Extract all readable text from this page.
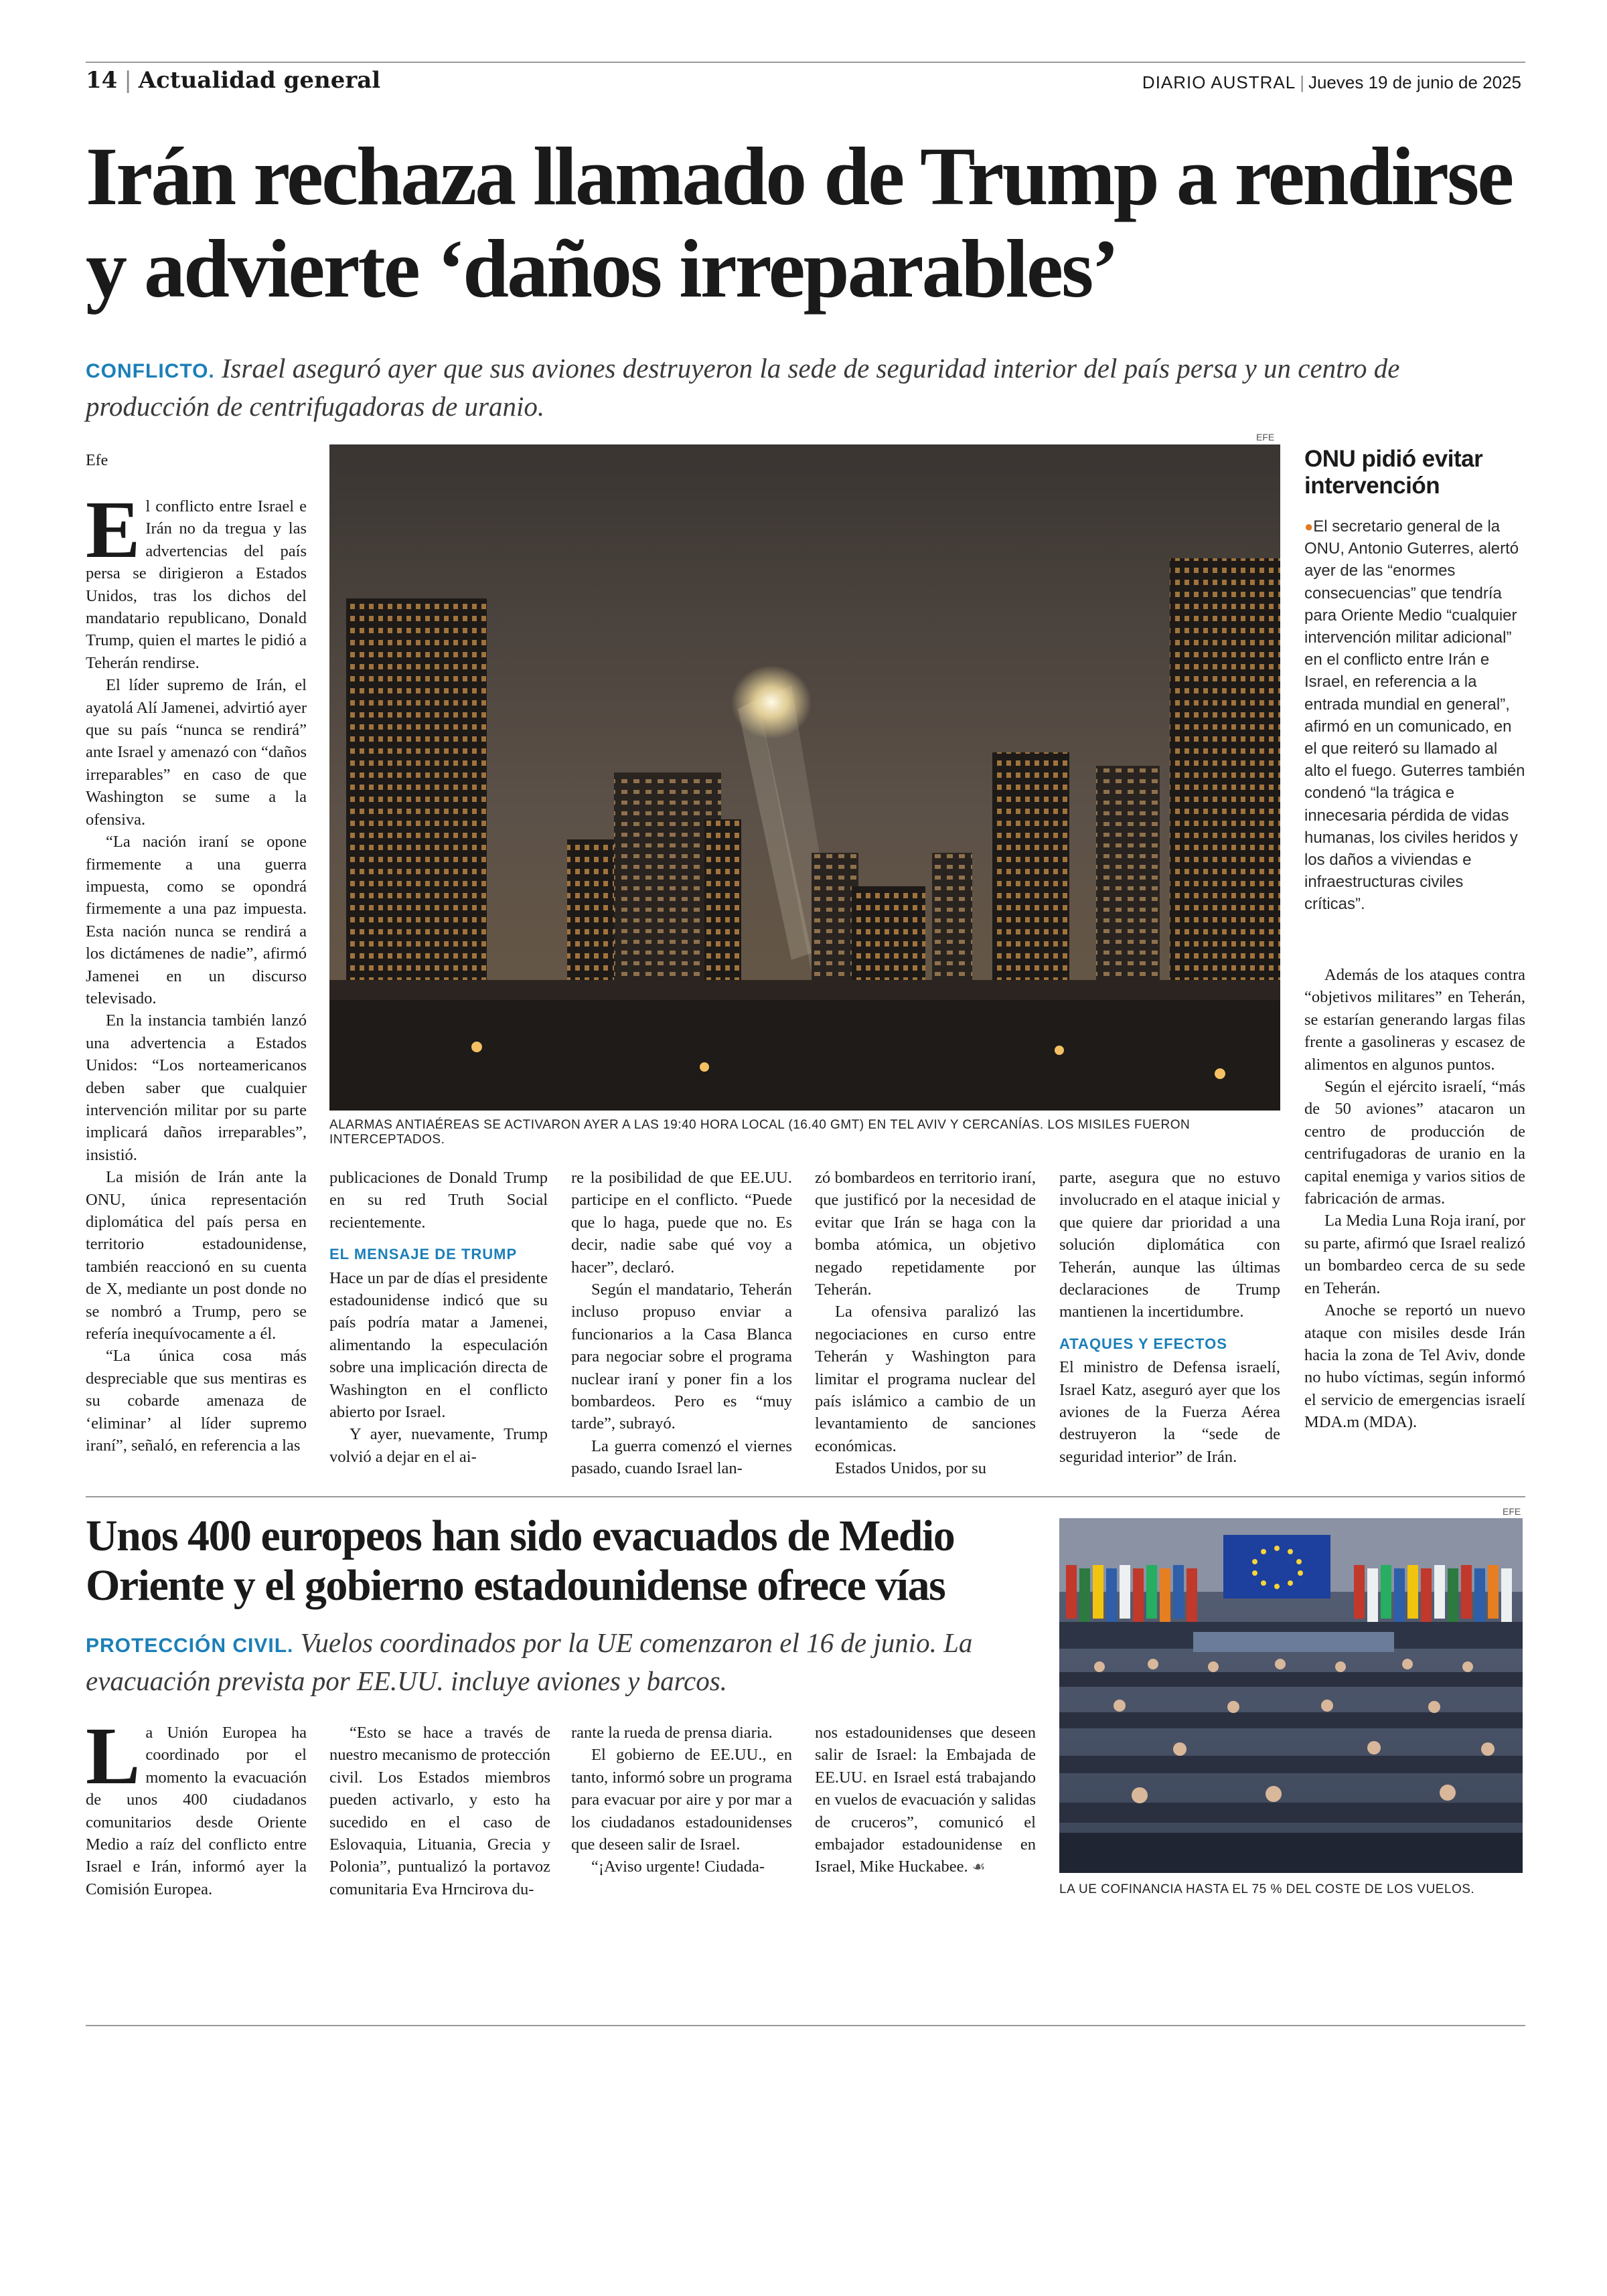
14 | Actualidad general	DIARIO AUSTRAL | Jueves 19 de junio de 2025
Irán rechaza llamado de Trump a rendirse y advierte ‘daños irreparables’
CONFLICTO. Israel aseguró ayer que sus aviones destruyeron la sede de seguridad interior del país persa y un centro de producción de centrifugadoras de uranio.
Efe
EFE
ALARMAS ANTIAÉREAS SE ACTIVARON AYER A LAS 19:40 HORA LOCAL (16.40 GMT) EN TEL AVIV Y CERCANÍAS. LOS MISILES FUERON INTERCEPTADOS.

El conflicto entre Israel e Irán no da tregua y las advertencias del país persa se dirigieron a Estados Unidos, tras los dichos del mandatario republicano, Donald Trump, quien el martes le pidió a Teherán rendirse.

El líder supremo de Irán, el ayatolá Alí Jamenei, advirtió ayer que su país “nunca se rendirá” ante Israel y amenazó con “daños irreparables” en caso de que Washington se sume a la ofensiva.

“La nación iraní se opone firmemente a una guerra impuesta, como se opondrá firmemente a una paz impuesta. Esta nación nunca se rendirá a los dictámenes de nadie”, afirmó Jamenei en un discurso televisado.

En la instancia también lanzó una advertencia a Estados Unidos: “Los norteamericanos deben saber que cualquier intervención militar por su parte implicará daños irreparables”, insistió.

La misión de Irán ante la ONU, única representación diplomática del país persa en territorio estadounidense, también reaccionó en su cuenta de X, mediante un post donde no se nombró a Trump, pero se refería inequívocamente a él.

“La única cosa más despreciable que sus mentiras es su cobarde amenaza de ‘eliminar’ al líder supremo iraní”, señaló, en referencia a las

publicaciones de Donald Trump en su red Truth Social recientemente.

EL MENSAJE DE TRUMP

Hace un par de días el presidente estadounidense indicó que su país podría matar a Jamenei, alimentando la especulación sobre una implicación directa de Washington en el conflicto abierto por Israel.

Y ayer, nuevamente, Trump volvió a dejar en el ai-

re la posibilidad de que EE.UU. participe en el conflicto. “Puede que lo haga, puede que no. Es decir, nadie sabe qué voy a hacer”, declaró.

Según el mandatario, Teherán incluso propuso enviar a funcionarios a la Casa Blanca para negociar sobre el programa nuclear iraní y poner fin a los bombardeos. Pero es “muy tarde”, subrayó.

La guerra comenzó el viernes pasado, cuando Israel lan-

zó bombardeos en territorio iraní, que justificó por la necesidad de evitar que Irán se haga con la bomba atómica, un objetivo negado repetidamente por Teherán.

La ofensiva paralizó las negociaciones en curso entre Teherán y Washington para limitar el programa nuclear del país islámico a cambio de un levantamiento de sanciones económicas.

Estados Unidos, por su

parte, asegura que no estuvo involucrado en el ataque inicial y que quiere dar prioridad a una solución diplomática con Teherán, aunque las últimas declaraciones de Trump mantienen la incertidumbre.

ATAQUES Y EFECTOS

El ministro de Defensa israelí, Israel Katz, aseguró ayer que los aviones de la Fuerza Aérea destruyeron la “sede de seguridad interior” de Irán.

ONU pidió evitar intervención
●El secretario general de la ONU, Antonio Guterres, alertó ayer de las “enormes consecuencias” que tendría para Oriente Medio “cualquier intervención militar adicional” en el conflicto entre Irán e Israel, en referencia a la entrada mundial en general”, afirmó en un comunicado, en el que reiteró su llamado al alto el fuego. Guterres también condenó “la trágica e innecesaria pérdida de vidas humanas, los civiles heridos y los daños a viviendas e infraestructuras civiles críticas”.

Además de los ataques contra “objetivos militares” en Teherán, se estarían generando largas filas frente a gasolineras y escasez de alimentos en algunos puntos.

Según el ejército israelí, “más de 50 aviones” atacaron un centro de producción de centrifugadoras de uranio en la capital enemiga y varios sitios de fabricación de armas.

La Media Luna Roja iraní, por su parte, afirmó que Israel realizó un bombardeo cerca de su sede en Teherán.

Anoche se reportó un nuevo ataque con misiles desde Irán hacia la zona de Tel Aviv, donde no hubo víctimas, según informó el servicio de emergencias israelí MDA.m (MDA).

Unos 400 europeos han sido evacuados de Medio Oriente y el gobierno estadounidense ofrece vías
PROTECCIÓN CIVIL. Vuelos coordinados por la UE comenzaron el 16 de junio. La evacuación prevista por EE.UU. incluye aviones y barcos.

La Unión Europea ha coordinado por el momento la evacuación de unos 400 ciudadanos comunitarios desde Oriente Medio a raíz del conflicto entre Israel e Irán, informó ayer la Comisión Europea.

“Esto se hace a través de nuestro mecanismo de protección civil. Los Estados miembros pueden activarlo, y esto ha sucedido en el caso de Eslovaquia, Lituania, Grecia y Polonia”, puntualizó la portavoz comunitaria Eva Hrncirova du-

rante la rueda de prensa diaria.

El gobierno de EE.UU., en tanto, informó sobre un programa para evacuar por aire y por mar a los ciudadanos estadounidenses que deseen salir de Israel.

“¡Aviso urgente! Ciudada-

nos estadounidenses que deseen salir de Israel: la Embajada de EE.UU. en Israel está trabajando en vuelos de evacuación y salidas de cruceros”, comunicó el embajador estadounidense en Israel, Mike Huckabee. ☙

EFE
LA UE COFINANCIA HASTA EL 75 % DEL COSTE DE LOS VUELOS.
